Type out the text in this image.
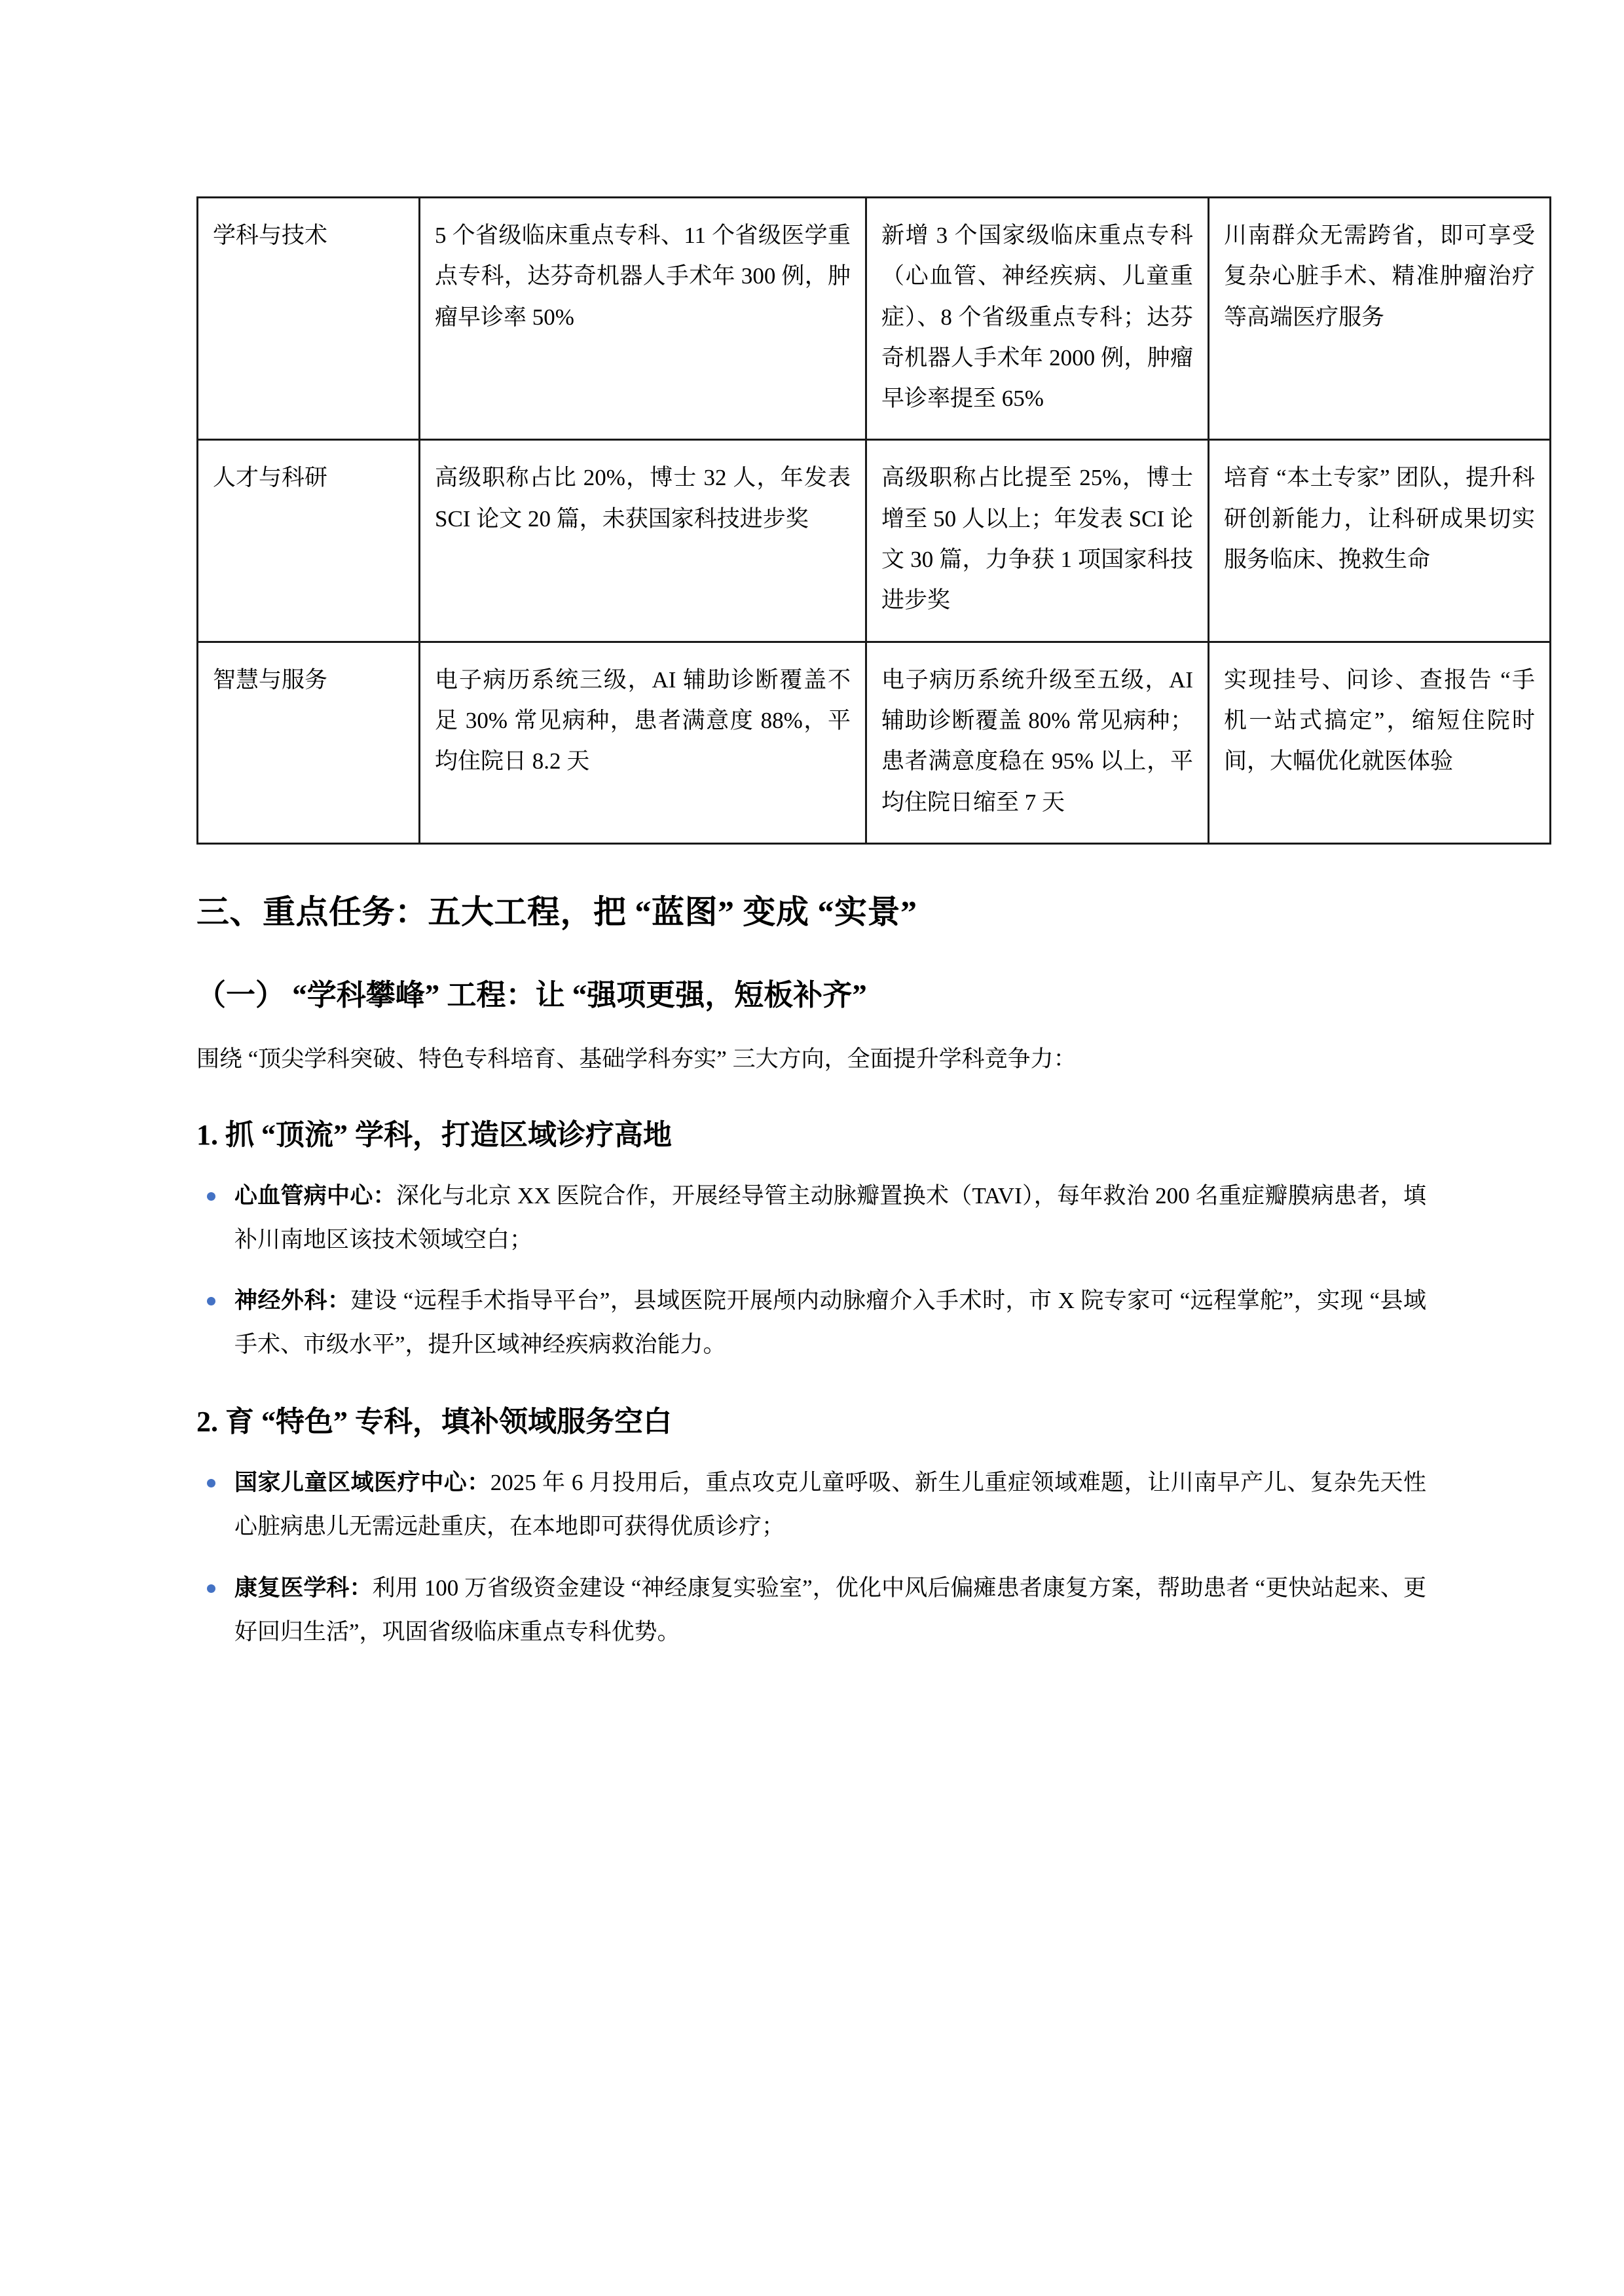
学科与技术	5 个省级临床重点专科、11 个省级医学重点专科，达芬奇机器人手术年 300 例，肿瘤早诊率 50%	新增 3 个国家级临床重点专科（心血管、神经疾病、儿童重症）、8 个省级重点专科；达芬奇机器人手术年 2000 例，肿瘤早诊率提至 65%	川南群众无需跨省，即可享受复杂心脏手术、精准肿瘤治疗等高端医疗服务
人才与科研	高级职称占比 20%，博士 32 人，年发表 SCI 论文 20 篇，未获国家科技进步奖	高级职称占比提至 25%，博士增至 50 人以上；年发表 SCI 论文 30 篇，力争获 1 项国家科技进步奖	培育 “本土专家” 团队，提升科研创新能力，让科研成果切实服务临床、挽救生命
智慧与服务	电子病历系统三级，AI 辅助诊断覆盖不足 30% 常见病种，患者满意度 88%，平均住院日 8.2 天	电子病历系统升级至五级，AI 辅助诊断覆盖 80% 常见病种；患者满意度稳在 95% 以上，平均住院日缩至 7 天	实现挂号、问诊、查报告 “手机一站式搞定”，缩短住院时间，大幅优化就医体验
三、重点任务：五大工程，把 “蓝图” 变成 “实景”
（一） “学科攀峰” 工程：让 “强项更强，短板补齐”

围绕 “顶尖学科突破、特色专科培育、基础学科夯实” 三大方向，全面提升学科竞争力：

1. 抓 “顶流” 学科，打造区域诊疗高地
心血管病中心：深化与北京 XX 医院合作，开展经导管主动脉瓣置换术（TAVI），每年救治 200 名重症瓣膜病患者，填补川南地区该技术领域空白；
神经外科：建设 “远程手术指导平台”，县域医院开展颅内动脉瘤介入手术时，市 X 院专家可 “远程掌舵”，实现 “县域手术、市级水平”，提升区域神经疾病救治能力。
2. 育 “特色” 专科，填补领域服务空白
国家儿童区域医疗中心：2025 年 6 月投用后，重点攻克儿童呼吸、新生儿重症领域难题，让川南早产儿、复杂先天性心脏病患儿无需远赴重庆，在本地即可获得优质诊疗；
康复医学科：利用 100 万省级资金建设 “神经康复实验室”，优化中风后偏瘫患者康复方案，帮助患者 “更快站起来、更好回归生活”，巩固省级临床重点专科优势。
